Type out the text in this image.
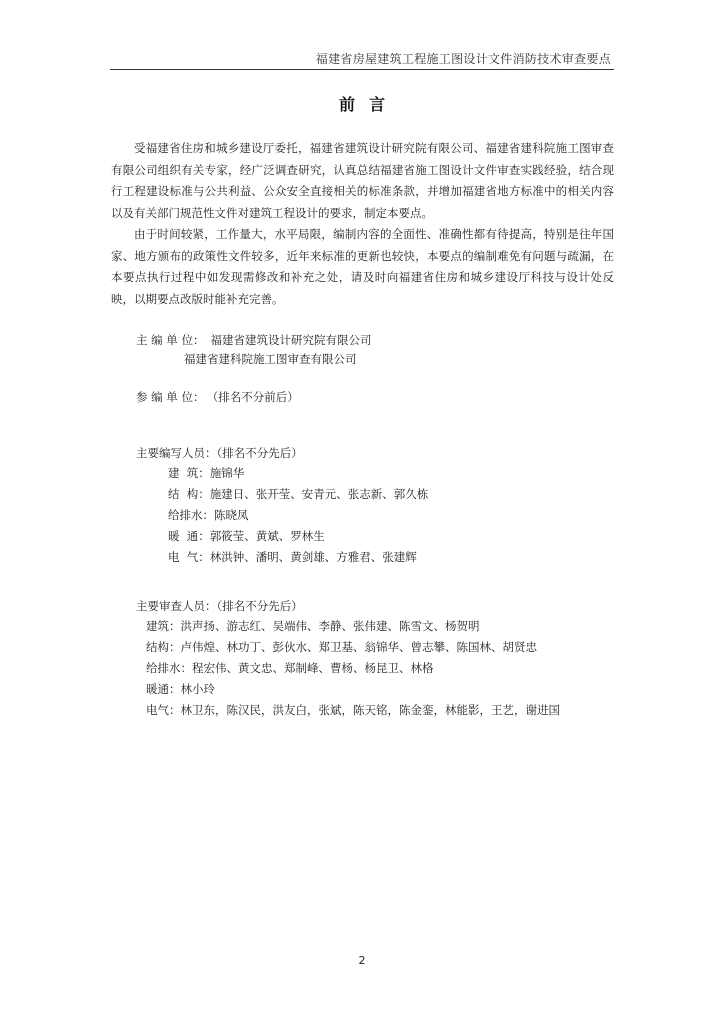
福建省房屋建筑工程施工图设计文件消防技术审查要点
前言

受福建省住房和城乡建设厅委托，福建省建筑设计研究院有限公司、福建省建科院施工图审查有限公司组织有关专家，经广泛调查研究，认真总结福建省施工图设计文件审查实践经验，结合现行工程建设标准与公共利益、公众安全直接相关的标准条款，并增加福建省地方标准中的相关内容以及有关部门规范性文件对建筑工程设计的要求，制定本要点。

由于时间较紧，工作量大，水平局限，编制内容的全面性、准确性都有待提高，特别是往年国家、地方颁布的政策性文件较多，近年来标准的更新也较快，本要点的编制难免有问题与疏漏，在本要点执行过程中如发现需修改和补充之处，请及时向福建省住房和城乡建设厅科技与设计处反映，以期要点改版时能补充完善。

主 编 单 位： 福建省建筑设计研究院有限公司
福建省建科院施工图审查有限公司
参 编 单 位： （排名不分前后）
主要编写人员：（排名不分先后）
建  筑：施锦华
结  构：施建日、张开莹、安青元、张志新、郭久栋
给排水：陈晓凤
暖  通：郭筱莹、黄斌、罗林生
电  气：林洪钟、潘明、黄剑雄、方雅君、张建辉
主要审查人员：（排名不分先后）
建筑：洪声扬、游志红、吴端伟、李静、张伟建、陈雪文、杨贺明
结构：卢伟煌、林功丁、彭伙水、郑卫基、翁锦华、曾志攀、陈国林、胡贤忠
给排水：程宏伟、黄文忠、郑制峰、曹杨、杨昆卫、林格
暖通：林小玲
电气：林卫东，陈汉民，洪友白，张斌，陈天铭，陈金銮，林能影，王艺，谢进国
2
